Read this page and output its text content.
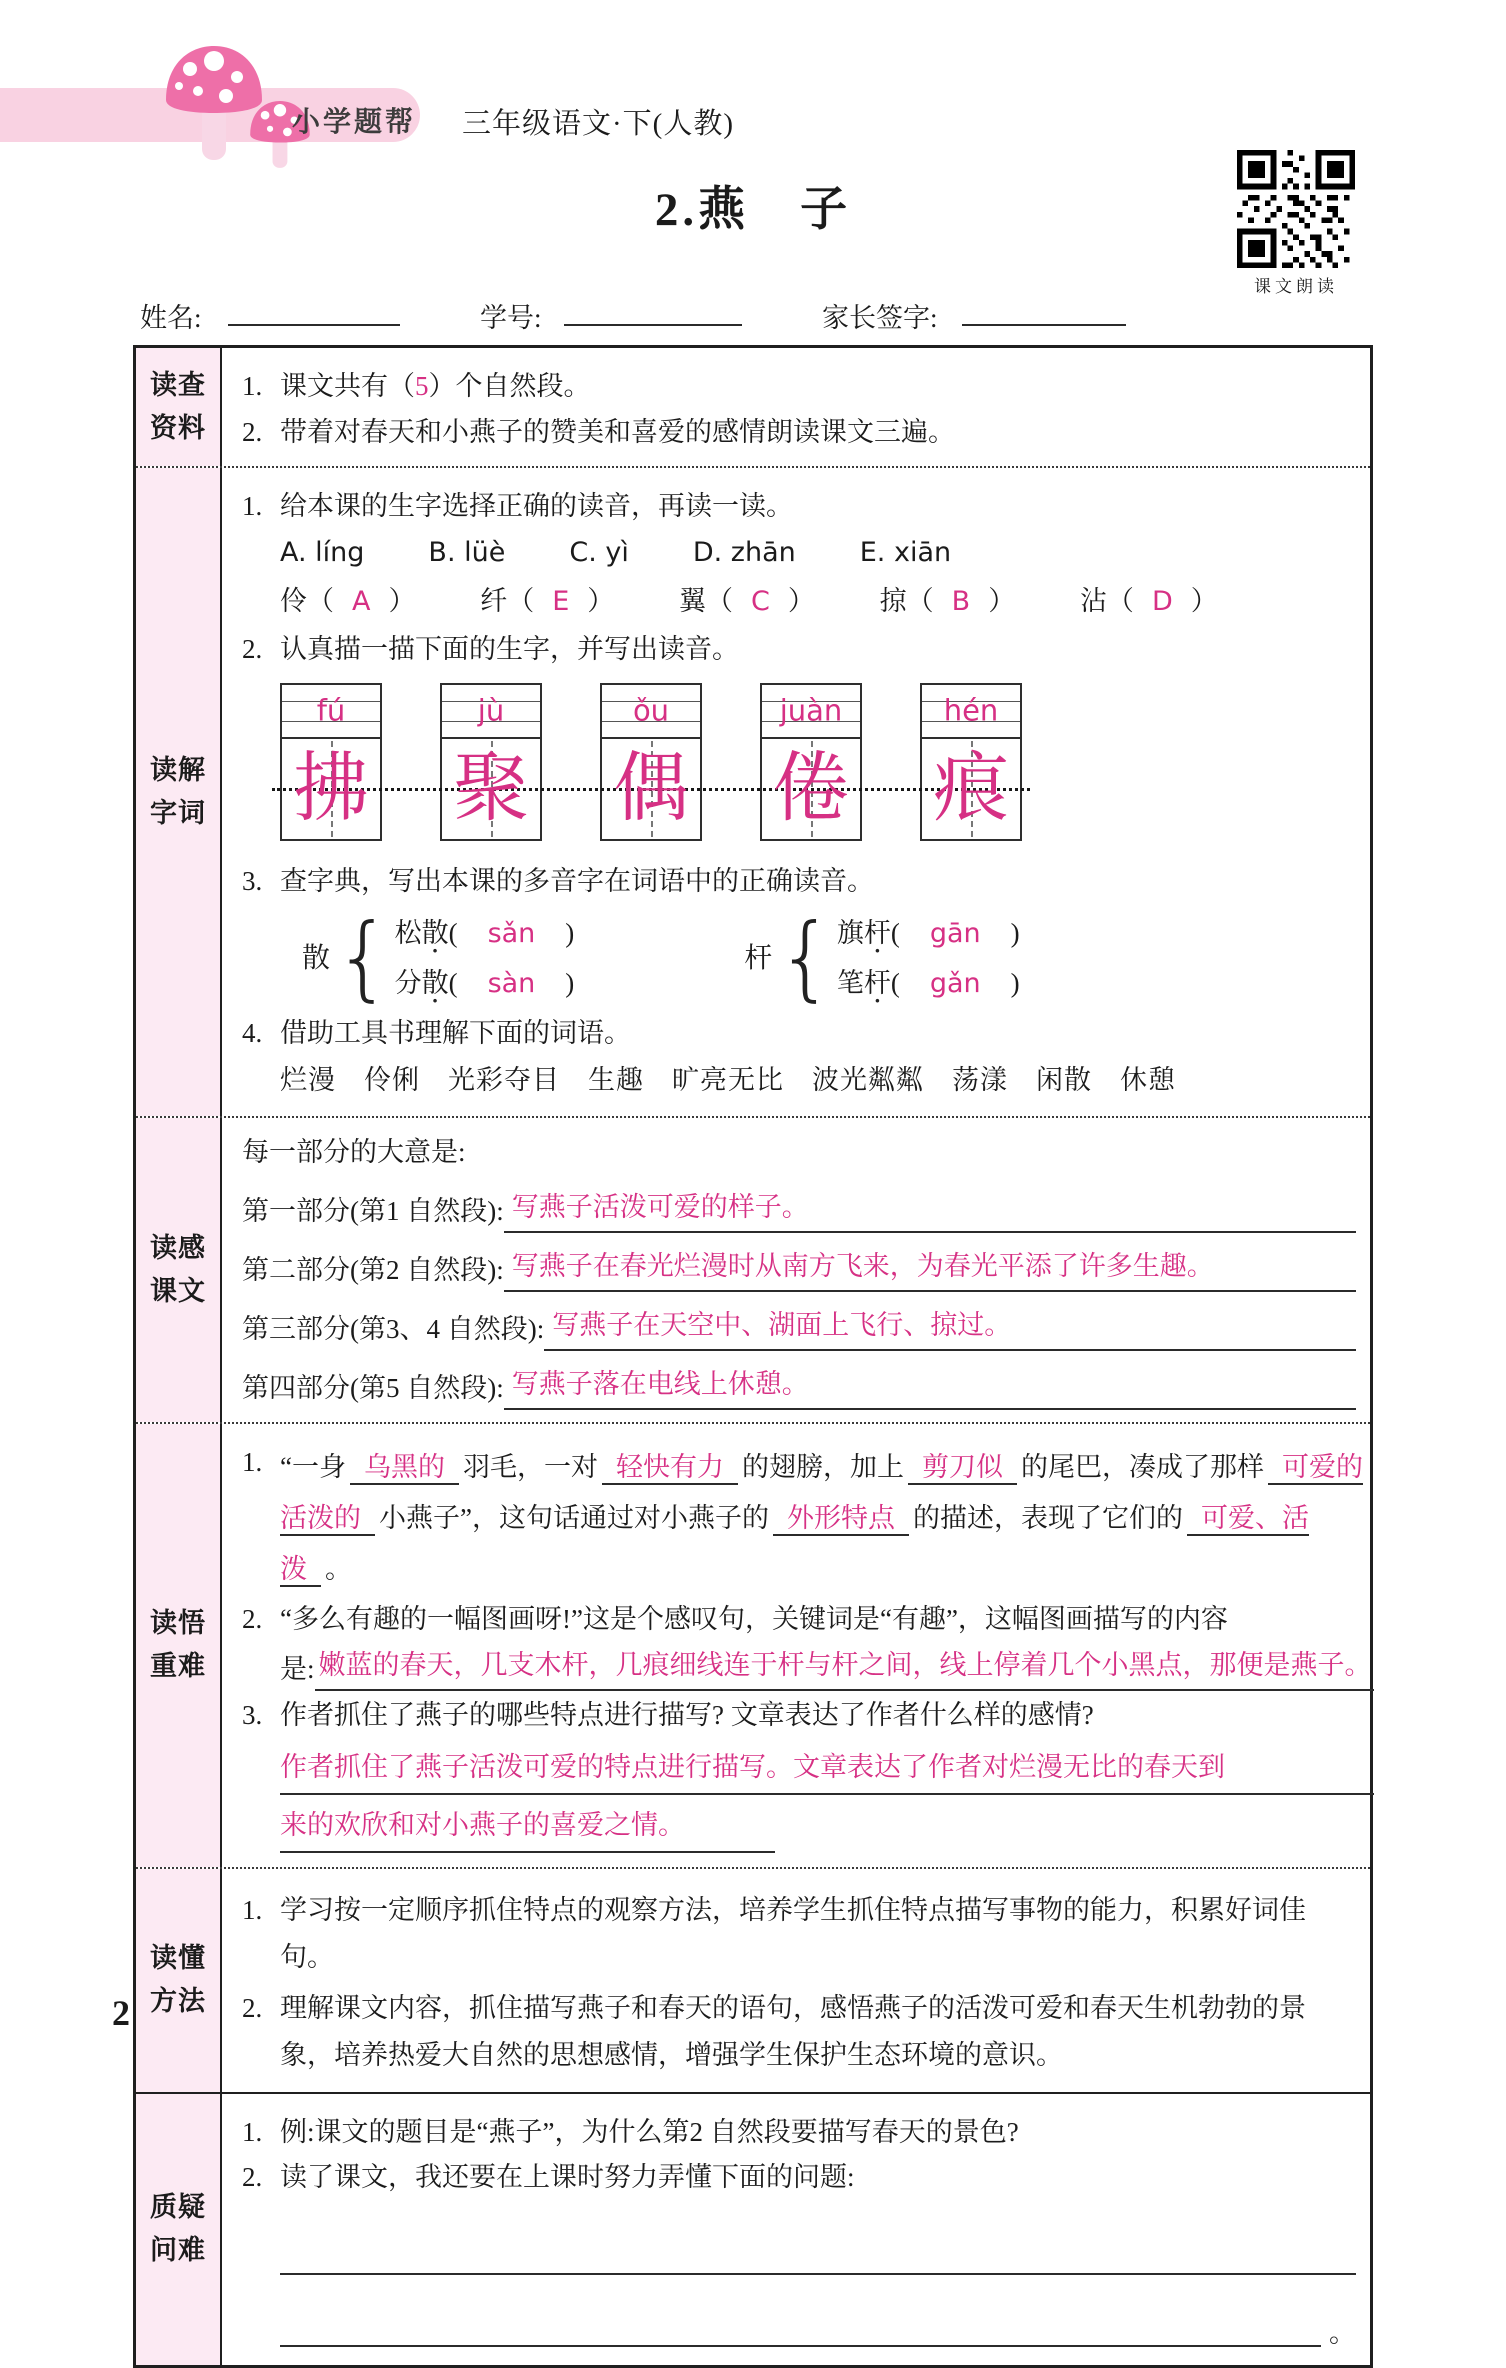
小学题帮 三年级语文·下(人教)
2.燕　子
课文朗读
姓名:	学号:	家长签字:
读查
资料
1. 课文共有（5）个自然段。
2. 带着对春天和小燕子的赞美和喜爱的感情朗读课文三遍。
读解
字词
1. 给本课的生字选择正确的读音，再读一读。
A. líng B. lüè C. yì D. zhān E. xiān
伶（ A ） 纤（ E ） 翼（ C ） 掠（ B ） 沾（ D ）
2. 认真描一描下面的生字，并写出读音。
fú
拂
jù
聚
ǒu
偶
juàn
倦
hén
痕
3. 查字典，写出本课的多音字在词语中的正确读音。
散 { 松散( sǎn )
分散( sàn )
杆 { 旗杆( gān )
笔杆( gǎn )
4. 借助工具书理解下面的词语。
烂漫　伶俐　光彩夺目　生趣　旷亮无比　波光粼粼　荡漾　闲散　休憩
读感
课文
每一部分的大意是:
第一部分(第1 自然段): 写燕子活泼可爱的样子。
第二部分(第2 自然段): 写燕子在春光烂漫时从南方飞来，为春光平添了许多生趣。
第三部分(第3、4 自然段): 写燕子在天空中、湖面上飞行、掠过。
第四部分(第5 自然段): 写燕子落在电线上休憩。
读悟
重难
1. “一身 乌黑的 羽毛，一对 轻快有力 的翅膀，加上 剪刀似 的尾巴，凑成了那样 可爱的活泼的 小燕子”，这句话通过对小燕子的 外形特点 的描述，表现了它们的 可爱、活泼 。
2. “多么有趣的一幅图画呀!”这是个感叹句，关键词是“有趣”，这幅图画描写的内容
是: 嫩蓝的春天，几支木杆，几痕细线连于杆与杆之间，线上停着几个小黑点，那便是燕子。
3. 作者抓住了燕子的哪些特点进行描写? 文章表达了作者什么样的感情?
作者抓住了燕子活泼可爱的特点进行描写。文章表达了作者对烂漫无比的春天到
来的欢欣和对小燕子的喜爱之情。
读懂
方法
1. 学习按一定顺序抓住特点的观察方法，培养学生抓住特点描写事物的能力，积累好词佳句。
2. 理解课文内容，抓住描写燕子和春天的语句，感悟燕子的活泼可爱和春天生机勃勃的景象，培养热爱大自然的思想感情，增强学生保护生态环境的意识。
质疑
问难
1. 例:课文的题目是“燕子”，为什么第2 自然段要描写春天的景色?
2. 读了课文，我还要在上课时努力弄懂下面的问题:
。
2
